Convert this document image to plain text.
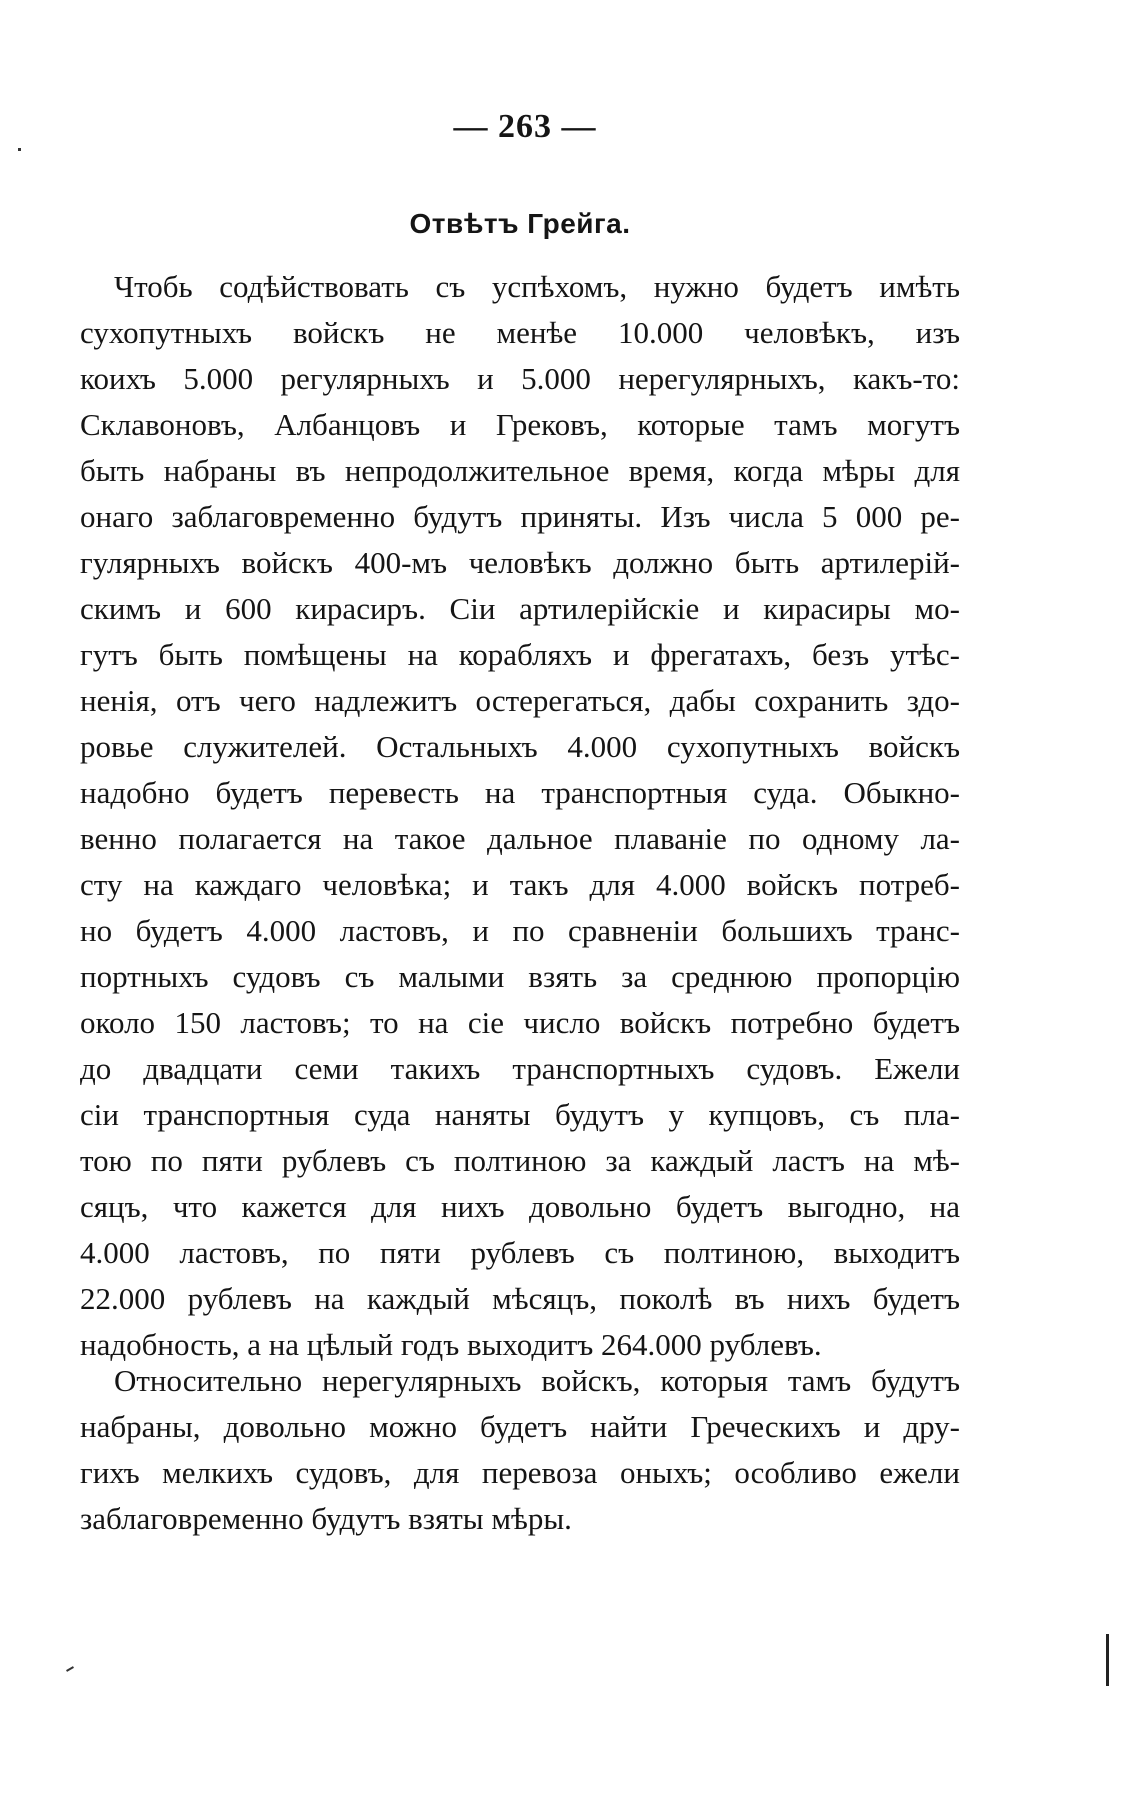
— 263 —
Отвѣтъ Грейга.
Чтобь содѣйствовать съ успѣхомъ, нужно будетъ имѣть
сухопутныхъ войскъ не менѣе 10.000 человѣкъ, изъ
коихъ 5.000 регулярныхъ и 5.000 нерегулярныхъ, какъ-то:
Склавоновъ, Албанцовъ и Грековъ, которые тамъ могутъ
быть набраны въ непродолжительное время, когда мѣры для
онаго заблаговременно будутъ приняты. Изъ числа 5 000 ре-
гулярныхъ войскъ 400-мъ человѣкъ должно быть артилерій-
скимъ и 600 кирасиръ. Сіи артилерійскіе и кирасиры мо-
гутъ быть помѣщены на корабляхъ и фрегатахъ, безъ утѣс-
ненія, отъ чего надлежитъ остерегаться, дабы сохранить здо-
ровье служителей. Остальныхъ 4.000 сухопутныхъ войскъ
надобно будетъ перевесть на транспортныя суда. Обыкно-
венно полагается на такое дальное плаваніе по одному ла-
сту на каждаго человѣка; и такъ для 4.000 войскъ потреб-
но будетъ 4.000 ластовъ, и по сравненіи большихъ транс-
портныхъ судовъ съ малыми взять за среднюю пропорцію
около 150 ластовъ; то на сіе число войскъ потребно будетъ
до двадцати семи такихъ транспортныхъ судовъ. Ежели
сіи транспортныя суда наняты будутъ у купцовъ, съ пла-
тою по пяти рублевъ съ полтиною за каждый ластъ на мѣ-
сяцъ, что кажется для нихъ довольно будетъ выгодно, на
4.000 ластовъ, по пяти рублевъ съ полтиною, выходитъ
22.000 рублевъ на каждый мѣсяцъ, поколѣ въ нихъ будетъ
надобность, а на цѣлый годъ выходитъ 264.000 рублевъ.
Относительно нерегулярныхъ войскъ, которыя тамъ будутъ
набраны, довольно можно будетъ найти Греческихъ и дру-
гихъ мелкихъ судовъ, для перевоза оныхъ; особливо ежели
заблаговременно будутъ взяты мѣры.
